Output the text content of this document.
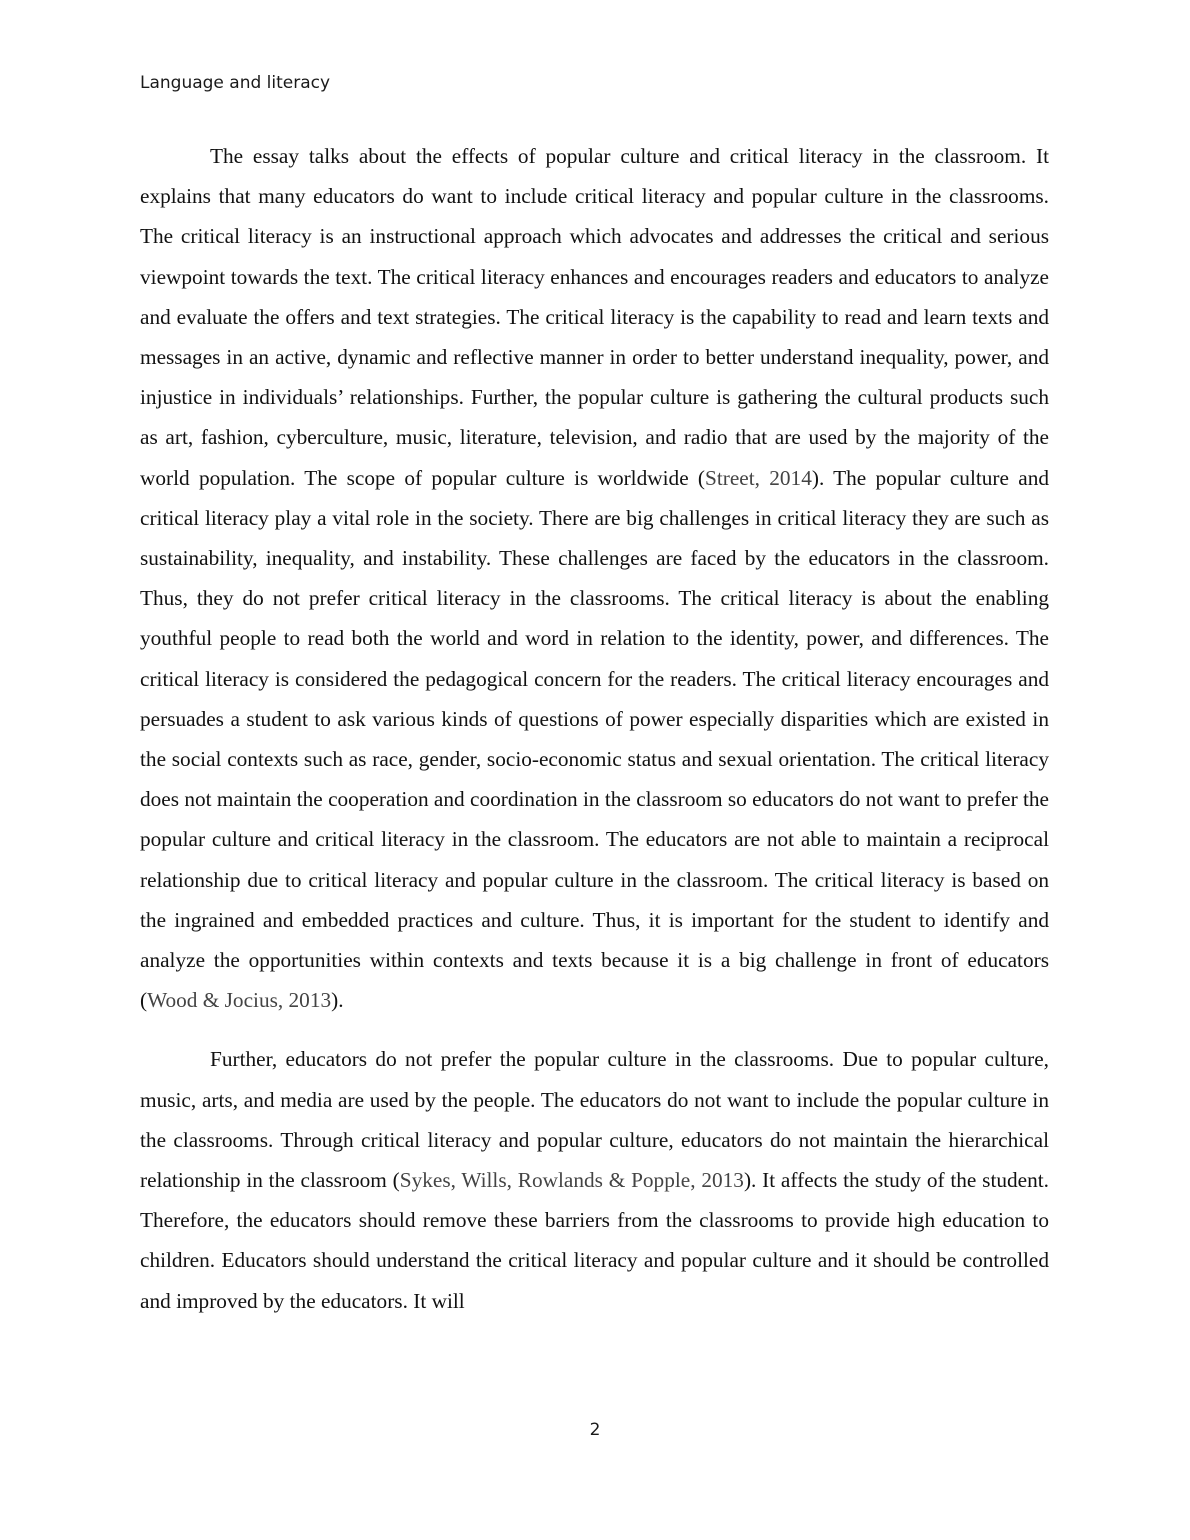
Language and literacy

The essay talks about the effects of popular culture and critical literacy in the classroom. It explains that many educators do want to include critical literacy and popular culture in the classrooms. The critical literacy is an instructional approach which advocates and addresses the critical and serious viewpoint towards the text. The critical literacy enhances and encourages readers and educators to analyze and evaluate the offers and text strategies. The critical literacy is the capability to read and learn texts and messages in an active, dynamic and reflective manner in order to better understand inequality, power, and injustice in individuals’ relationships. Further, the popular culture is gathering the cultural products such as art, fashion, cyberculture, music, literature, television, and radio that are used by the majority of the world population. The scope of popular culture is worldwide (Street, 2014). The popular culture and critical literacy play a vital role in the society. There are big challenges in critical literacy they are such as sustainability, inequality, and instability. These challenges are faced by the educators in the classroom. Thus, they do not prefer critical literacy in the classrooms. The critical literacy is about the enabling youthful people to read both the world and word in relation to the identity, power, and differences. The critical literacy is considered the pedagogical concern for the readers. The critical literacy encourages and persuades a student to ask various kinds of questions of power especially disparities which are existed in the social contexts such as race, gender, socio-economic status and sexual orientation. The critical literacy does not maintain the cooperation and coordination in the classroom so educators do not want to prefer the popular culture and critical literacy in the classroom. The educators are not able to maintain a reciprocal relationship due to critical literacy and popular culture in the classroom. The critical literacy is based on the ingrained and embedded practices and culture. Thus, it is important for the student to identify and analyze the opportunities within contexts and texts because it is a big challenge in front of educators (Wood & Jocius, 2013).

Further, educators do not prefer the popular culture in the classrooms. Due to popular culture, music, arts, and media are used by the people. The educators do not want to include the popular culture in the classrooms. Through critical literacy and popular culture, educators do not maintain the hierarchical relationship in the classroom (Sykes, Wills, Rowlands & Popple, 2013). It affects the study of the student. Therefore, the educators should remove these barriers from the classrooms to provide high education to children. Educators should understand the critical literacy and popular culture and it should be controlled and improved by the educators. It will

2
